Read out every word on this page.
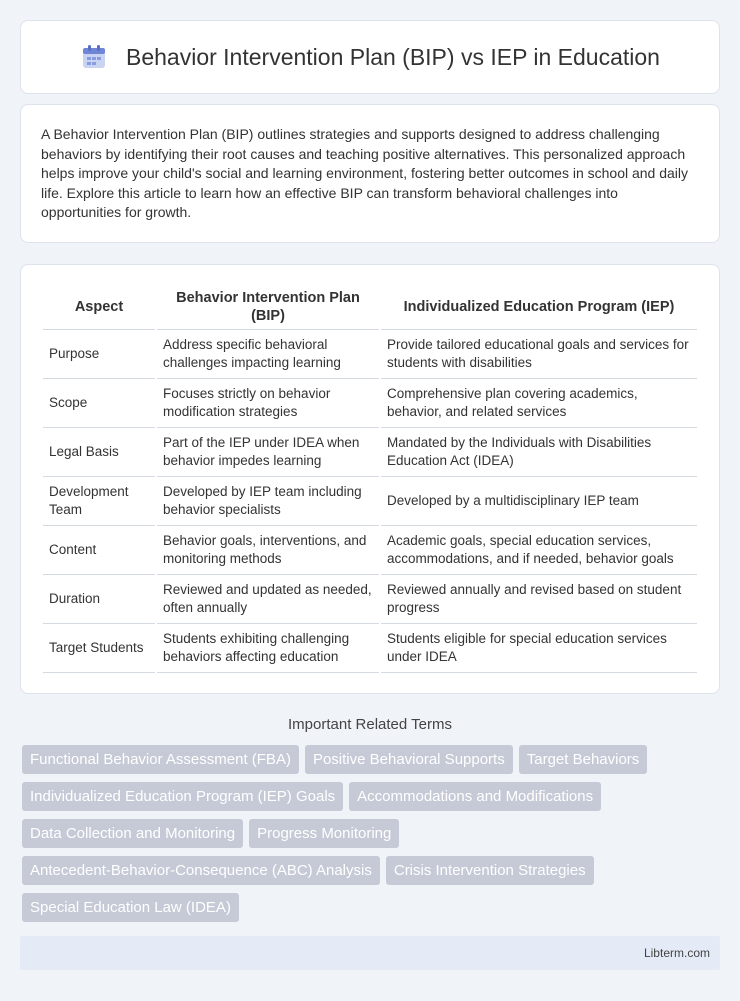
Behavior Intervention Plan (BIP) vs IEP in Education

A Behavior Intervention Plan (BIP) outlines strategies and supports designed to address challenging behaviors by identifying their root causes and teaching positive alternatives. This personalized approach helps improve your child's social and learning environment, fostering better outcomes in school and daily life. Explore this article to learn how an effective BIP can transform behavioral challenges into opportunities for growth.

Aspect	Behavior Intervention Plan (BIP)	Individualized Education Program (IEP)
Purpose	Address specific behavioral challenges impacting learning	Provide tailored educational goals and services for students with disabilities
Scope	Focuses strictly on behavior modification strategies	Comprehensive plan covering academics, behavior, and related services
Legal Basis	Part of the IEP under IDEA when behavior impedes learning	Mandated by the Individuals with Disabilities Education Act (IDEA)
Development Team	Developed by IEP team including behavior specialists	Developed by a multidisciplinary IEP team
Content	Behavior goals, interventions, and monitoring methods	Academic goals, special education services, accommodations, and if needed, behavior goals
Duration	Reviewed and updated as needed, often annually	Reviewed annually and revised based on student progress
Target Students	Students exhibiting challenging behaviors affecting education	Students eligible for special education services under IDEA
Important Related Terms
Functional Behavior Assessment (FBA)	Positive Behavioral Supports	Target Behaviors
Individualized Education Program (IEP) Goals	Accommodations and Modifications
Data Collection and Monitoring	Progress Monitoring
Antecedent-Behavior-Consequence (ABC) Analysis	Crisis Intervention Strategies
Special Education Law (IDEA)
Libterm.com
